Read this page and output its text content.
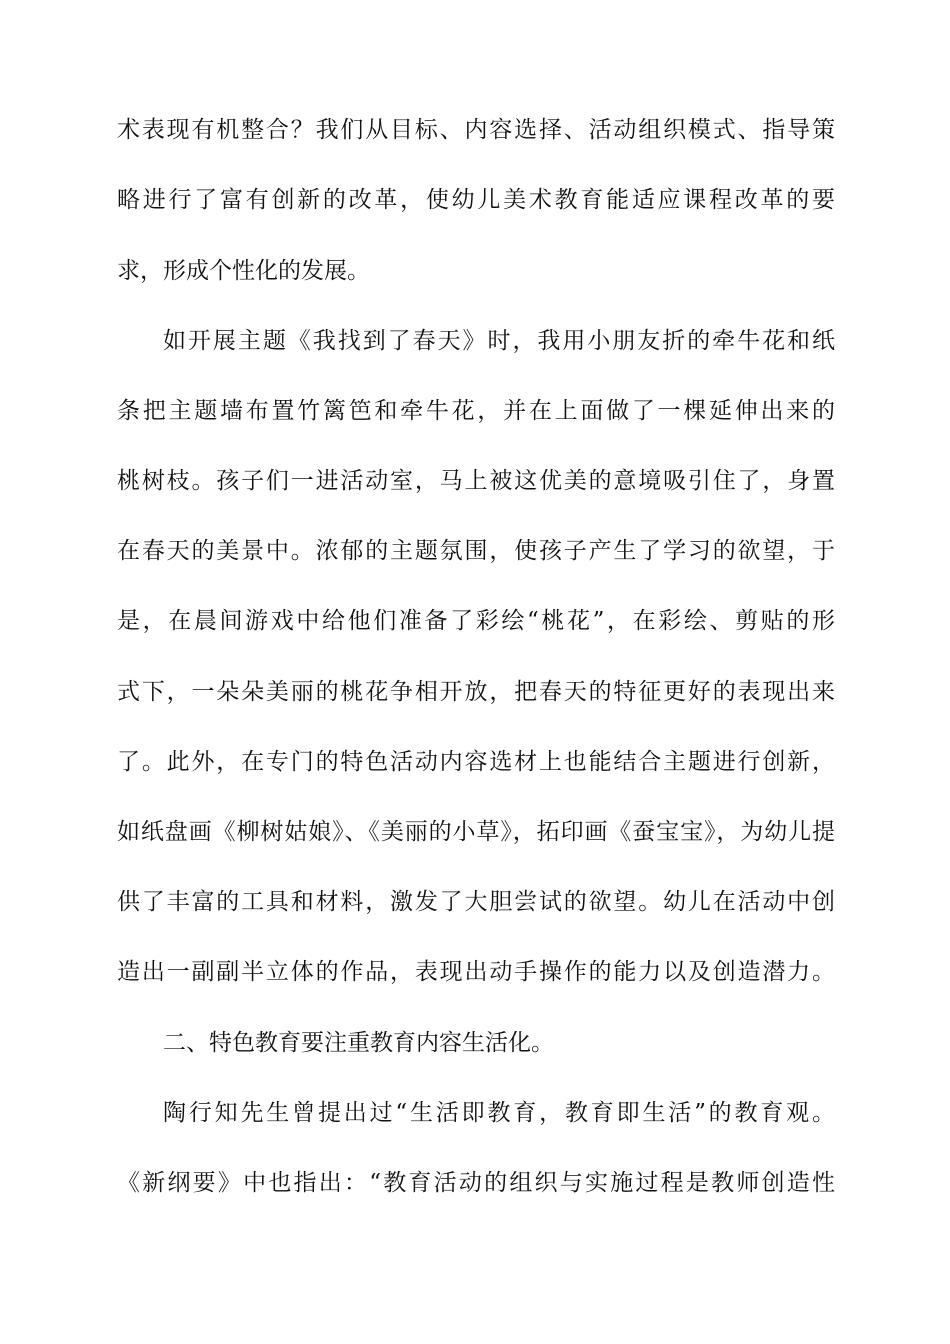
术表现有机整合？我们从目标、内容选择、活动组织模式、指导策
略进行了富有创新的改革，使幼儿美术教育能适应课程改革的要
求，形成个性化的发展。
如开展主题《我找到了春天》时，我用小朋友折的牵牛花和纸
条把主题墙布置竹篱笆和牵牛花，并在上面做了一棵延伸出来的
桃树枝。孩子们一进活动室，马上被这优美的意境吸引住了，身置
在春天的美景中。浓郁的主题氛围，使孩子产生了学习的欲望，于
是，在晨间游戏中给他们准备了彩绘“桃花”，在彩绘、剪贴的形
式下，一朵朵美丽的桃花争相开放，把春天的特征更好的表现出来
了。此外，在专门的特色活动内容选材上也能结合主题进行创新，
如纸盘画《柳树姑娘》、《美丽的小草》，拓印画《蚕宝宝》，为幼儿提
供了丰富的工具和材料，激发了大胆尝试的欲望。幼儿在活动中创
造出一副副半立体的作品，表现出动手操作的能力以及创造潜力。
二、特色教育要注重教育内容生活化。
陶行知先生曾提出过“生活即教育，教育即生活”的教育观。
《新纲要》中也指出：“教育活动的组织与实施过程是教师创造性
